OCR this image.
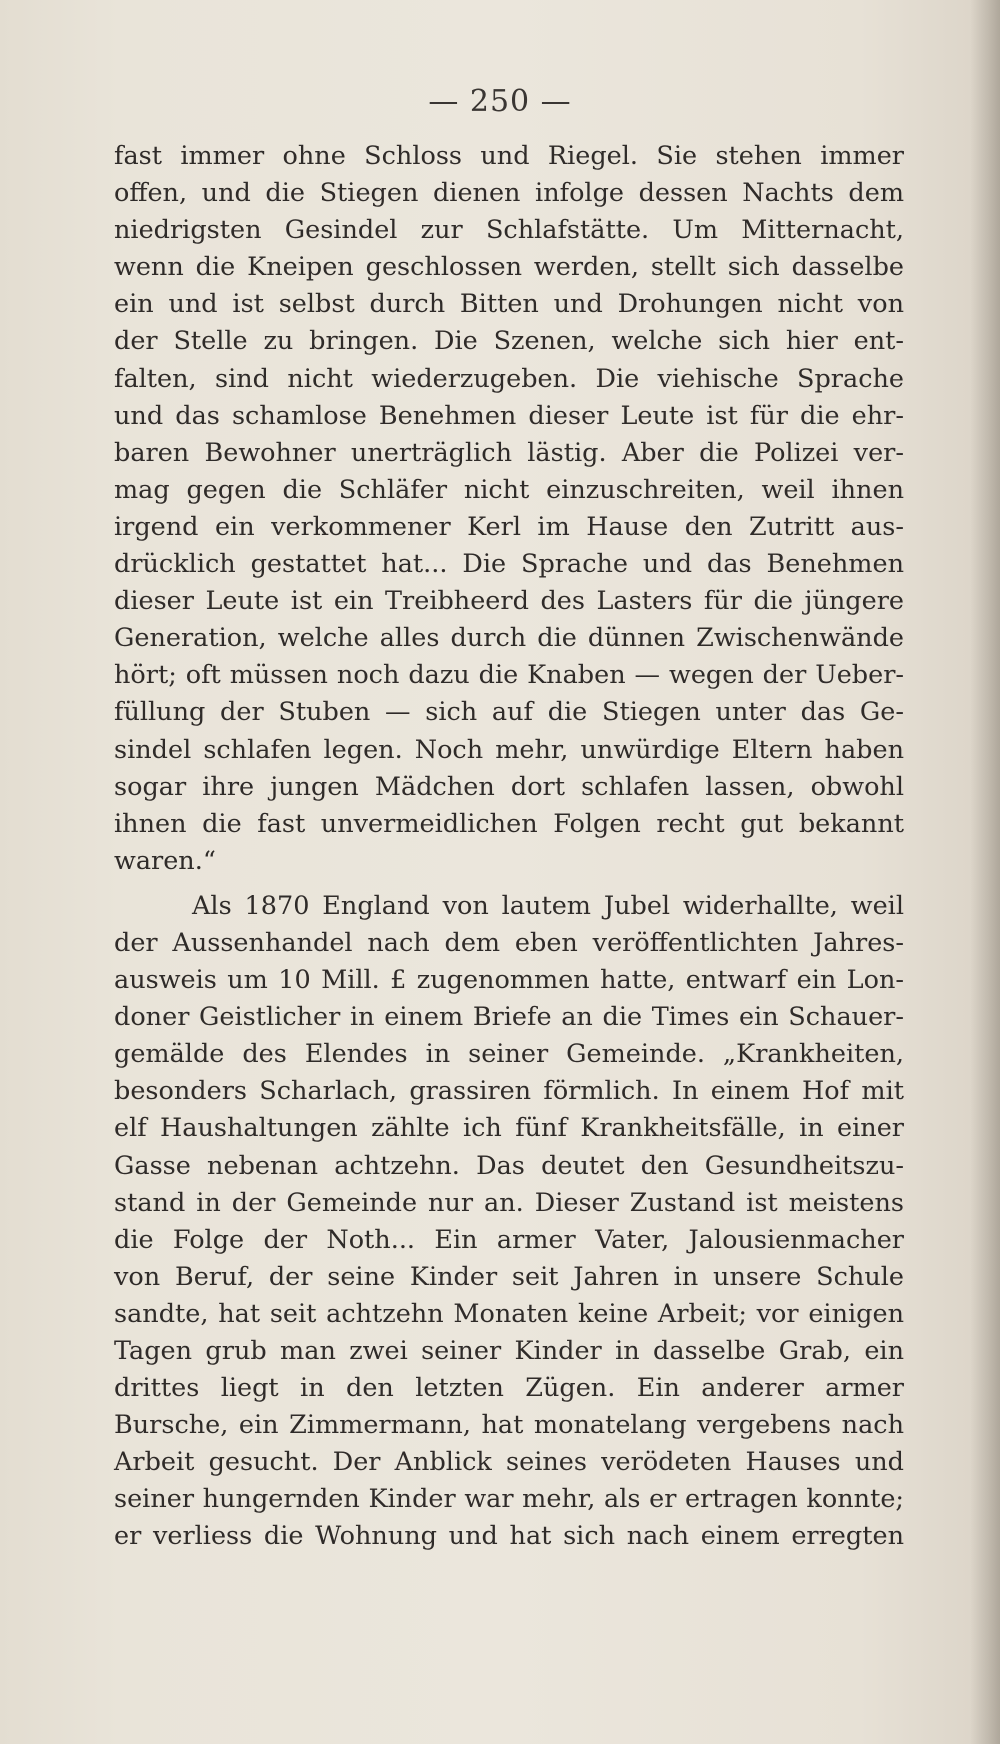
— 250 —
fast immer ohne Schloss und Riegel. Sie stehen immer
offen, und die Stiegen dienen infolge dessen Nachts dem
niedrigsten Gesindel zur Schlafstätte. Um Mitternacht,
wenn die Kneipen geschlossen werden, stellt sich dasselbe
ein und ist selbst durch Bitten und Drohungen nicht von
der Stelle zu bringen. Die Szenen, welche sich hier ent-
falten, sind nicht wiederzugeben. Die viehische Sprache
und das schamlose Benehmen dieser Leute ist für die ehr-
baren Bewohner unerträglich lästig. Aber die Polizei ver-
mag gegen die Schläfer nicht einzuschreiten, weil ihnen
irgend ein verkommener Kerl im Hause den Zutritt aus-
drücklich gestattet hat... Die Sprache und das Benehmen
dieser Leute ist ein Treibheerd des Lasters für die jüngere
Generation, welche alles durch die dünnen Zwischenwände
hört; oft müssen noch dazu die Knaben — wegen der Ueber-
füllung der Stuben — sich auf die Stiegen unter das Ge-
sindel schlafen legen. Noch mehr, unwürdige Eltern haben
sogar ihre jungen Mädchen dort schlafen lassen, obwohl
ihnen die fast unvermeidlichen Folgen recht gut bekannt
waren.“
Als 1870 England von lautem Jubel widerhallte, weil
der Aussenhandel nach dem eben veröffentlichten Jahres-
ausweis um 10 Mill. £ zugenommen hatte, entwarf ein Lon-
doner Geistlicher in einem Briefe an die Times ein Schauer-
gemälde des Elendes in seiner Gemeinde. „Krankheiten,
besonders Scharlach, grassiren förmlich. In einem Hof mit
elf Haushaltungen zählte ich fünf Krankheitsfälle, in einer
Gasse nebenan achtzehn. Das deutet den Gesundheitszu-
stand in der Gemeinde nur an. Dieser Zustand ist meistens
die Folge der Noth... Ein armer Vater, Jalousienmacher
von Beruf, der seine Kinder seit Jahren in unsere Schule
sandte, hat seit achtzehn Monaten keine Arbeit; vor einigen
Tagen grub man zwei seiner Kinder in dasselbe Grab, ein
drittes liegt in den letzten Zügen. Ein anderer armer
Bursche, ein Zimmermann, hat monatelang vergebens nach
Arbeit gesucht. Der Anblick seines verödeten Hauses und
seiner hungernden Kinder war mehr, als er ertragen konnte;
er verliess die Wohnung und hat sich nach einem erregten
